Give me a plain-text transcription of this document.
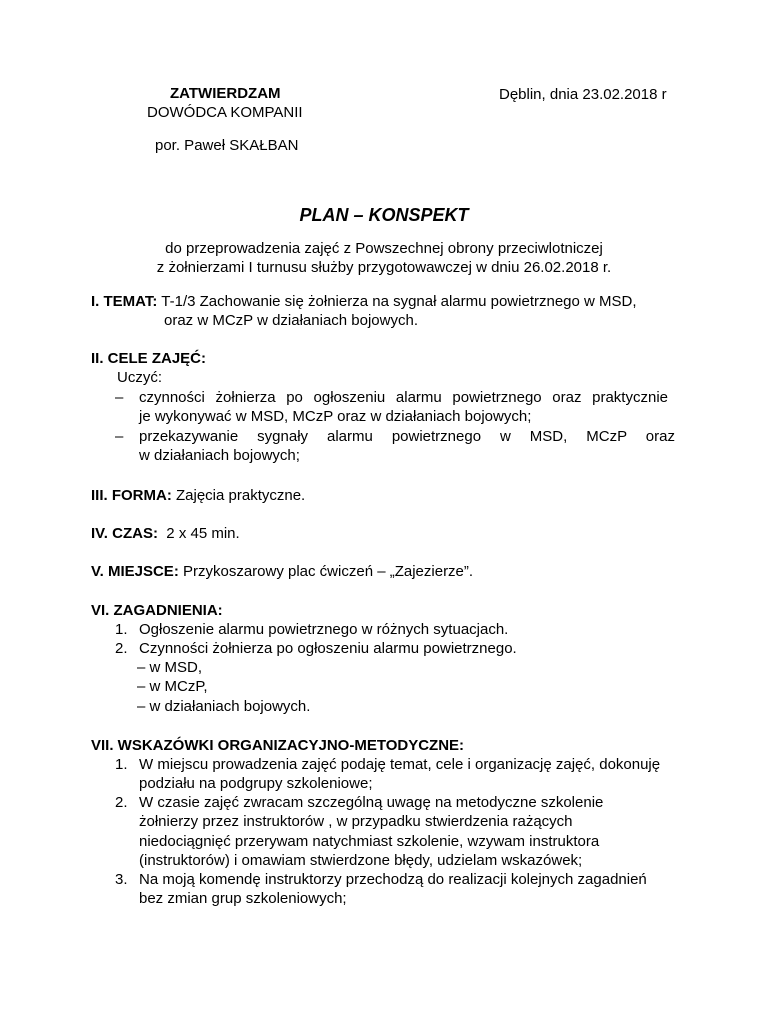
ZATWIERDZAM
DOWÓDCA KOMPANII
por. Paweł SKAŁBAN
Dęblin, dnia 23.02.2018 r
PLAN – KONSPEKT
do przeprowadzenia zajęć z Powszechnej obrony przeciwlotniczej
z żołnierzami I turnusu służby przygotowawczej w dniu 26.02.2018 r.
I. TEMAT: T-1/3 Zachowanie się żołnierza na sygnał alarmu powietrznego w MSD,
oraz w MCzP w działaniach bojowych.
II. CELE ZAJĘĆ:
Uczyć:
– czynności żołnierza po ogłoszeniu alarmu powietrznego oraz praktycznie
je wykonywać w MSD, MCzP oraz w działaniach bojowych;
– przekazywanie sygnały alarmu powietrznego w MSD, MCzP oraz
w działaniach bojowych;
III. FORMA: Zajęcia praktyczne.
IV. CZAS:  2 x 45 min.
V. MIEJSCE: Przykoszarowy plac ćwiczeń – „Zajezierze”.
VI. ZAGADNIENIA:
1. Ogłoszenie alarmu powietrznego w różnych sytuacjach.
2. Czynności żołnierza po ogłoszeniu alarmu powietrznego.
– w MSD,
– w MCzP,
– w działaniach bojowych.
VII. WSKAZÓWKI ORGANIZACYJNO-METODYCZNE:
1. W miejscu prowadzenia zajęć podaję temat, cele i organizację zajęć, dokonuję
podziału na podgrupy szkoleniowe;
2. W czasie zajęć zwracam szczególną uwagę na metodyczne szkolenie
żołnierzy przez instruktorów , w przypadku stwierdzenia rażących
niedociągnięć przerywam natychmiast szkolenie, wzywam instruktora
(instruktorów) i omawiam stwierdzone błędy, udzielam wskazówek;
3. Na moją komendę instruktorzy przechodzą do realizacji kolejnych zagadnień
bez zmian grup szkoleniowych;
